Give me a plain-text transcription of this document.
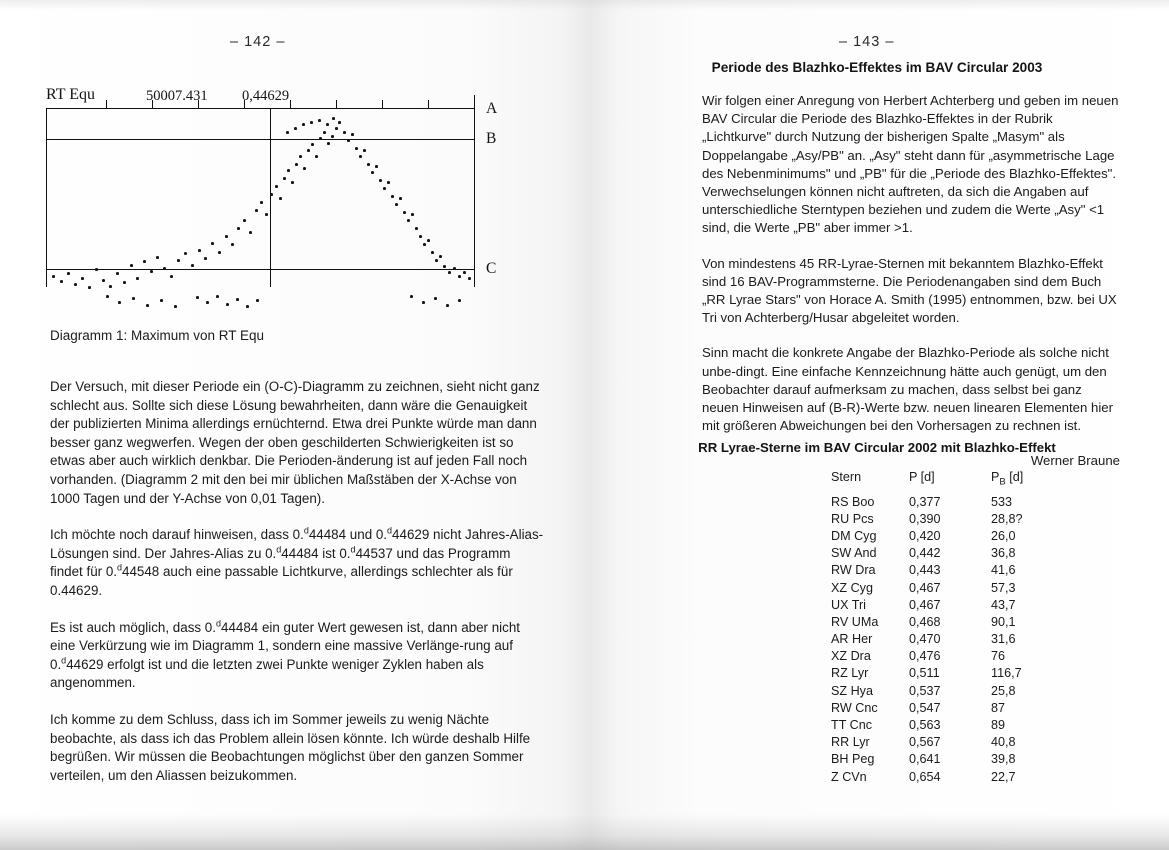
– 142 –
RT Equ	50007.431 0,44629
A
B
C
Diagramm 1: Maximum von RT Equ

Der Versuch, mit dieser Periode ein (O-C)-Diagramm zu zeichnen, sieht nicht ganz schlecht aus. Sollte sich diese Lösung bewahrheiten, dann wäre die Genauigkeit der publizierten Minima allerdings ernüchternd. Etwa drei Punkte würde man dann besser ganz wegwerfen. Wegen der oben geschilderten Schwierigkeiten ist so etwas aber auch wirklich denkbar. Die Perioden-änderung ist auf jeden Fall noch vorhanden. (Diagramm 2 mit den bei mir üblichen Maßstäben der X-Achse von 1000 Tagen und der Y-Achse von 0,01 Tagen).

Ich möchte noch darauf hinweisen, dass 0.$^d$44484 und 0.$^d$44629 nicht Jahres-Alias-Lösungen sind. Der Jahres-Alias zu 0.$^d$44484 ist 0.$^d$44537 und das Programm findet für 0.$^d$44548 auch eine passable Lichtkurve, allerdings schlechter als für 0.44629.

Es ist auch möglich, dass 0.$^d$44484 ein guter Wert gewesen ist, dann aber nicht eine Verkürzung wie im Diagramm 1, sondern eine massive Verlänge-rung auf 0.$^d$44629 erfolgt ist und die letzten zwei Punkte weniger Zyklen haben als angenommen.

Ich komme zu dem Schluss, dass ich im Sommer jeweils zu wenig Nächte beobachte, als dass ich das Problem allein lösen könnte. Ich würde deshalb Hilfe begrüßen. Wir müssen die Beobachtungen möglichst über den ganzen Sommer verteilen, um den Aliassen beizukommen.

– 143 –
Periode des Blazhko-Effektes im BAV Circular 2003

Wir folgen einer Anregung von Herbert Achterberg und geben im neuen BAV Circular die Periode des Blazhko-Effektes in der Rubrik „Lichtkurve" durch Nutzung der bisherigen Spalte „Masym" als Doppelangabe „Asy/PB" an. „Asy" steht dann für „asymmetrische Lage des Nebenminimums" und „PB" für die „Periode des Blazhko-Effektes". Verwechselungen können nicht auftreten, da sich die Angaben auf unterschiedliche Sterntypen beziehen und zudem die Werte „Asy" <1 sind, die Werte „PB" aber immer >1.

Von mindestens 45 RR-Lyrae-Sternen mit bekanntem Blazhko-Effekt sind 16 BAV-Programmsterne. Die Periodenangaben sind dem Buch „RR Lyrae Stars" von Horace A. Smith (1995) entnommen, bzw. bei UX Tri von Achterberg/Husar abgeleitet worden.

Sinn macht die konkrete Angabe der Blazhko-Periode als solche nicht unbe-dingt. Eine einfache Kennzeichnung hätte auch genügt, um den Beobachter darauf aufmerksam zu machen, dass selbst bei ganz neuen Hinweisen auf (B-R)-Werte bzw. neuen linearen Elementen hier mit größeren Abweichungen bei den Vorhersagen zu rechnen ist.

Werner Braune

RR Lyrae-Sterne im BAV Circular 2002 mit Blazhko-Effekt
Stern	P [d]	$P_B$ [d]
RS Boo	0,377	533
RU Pcs	0,390	28,8?
DM Cyg	0,420	26,0
SW And	0,442	36,8
RW Dra	0,443	41,6
XZ Cyg	0,467	57,3
UX Tri	0,467	43,7
RV UMa	0,468	90,1
AR Her	0,470	31,6
XZ Dra	0,476	76
RZ Lyr	0,511	116,7
SZ Hya	0,537	25,8
RW Cnc	0,547	87
TT Cnc	0,563	89
RR Lyr	0,567	40,8
BH Peg	0,641	39,8
Z CVn	0,654	22,7
